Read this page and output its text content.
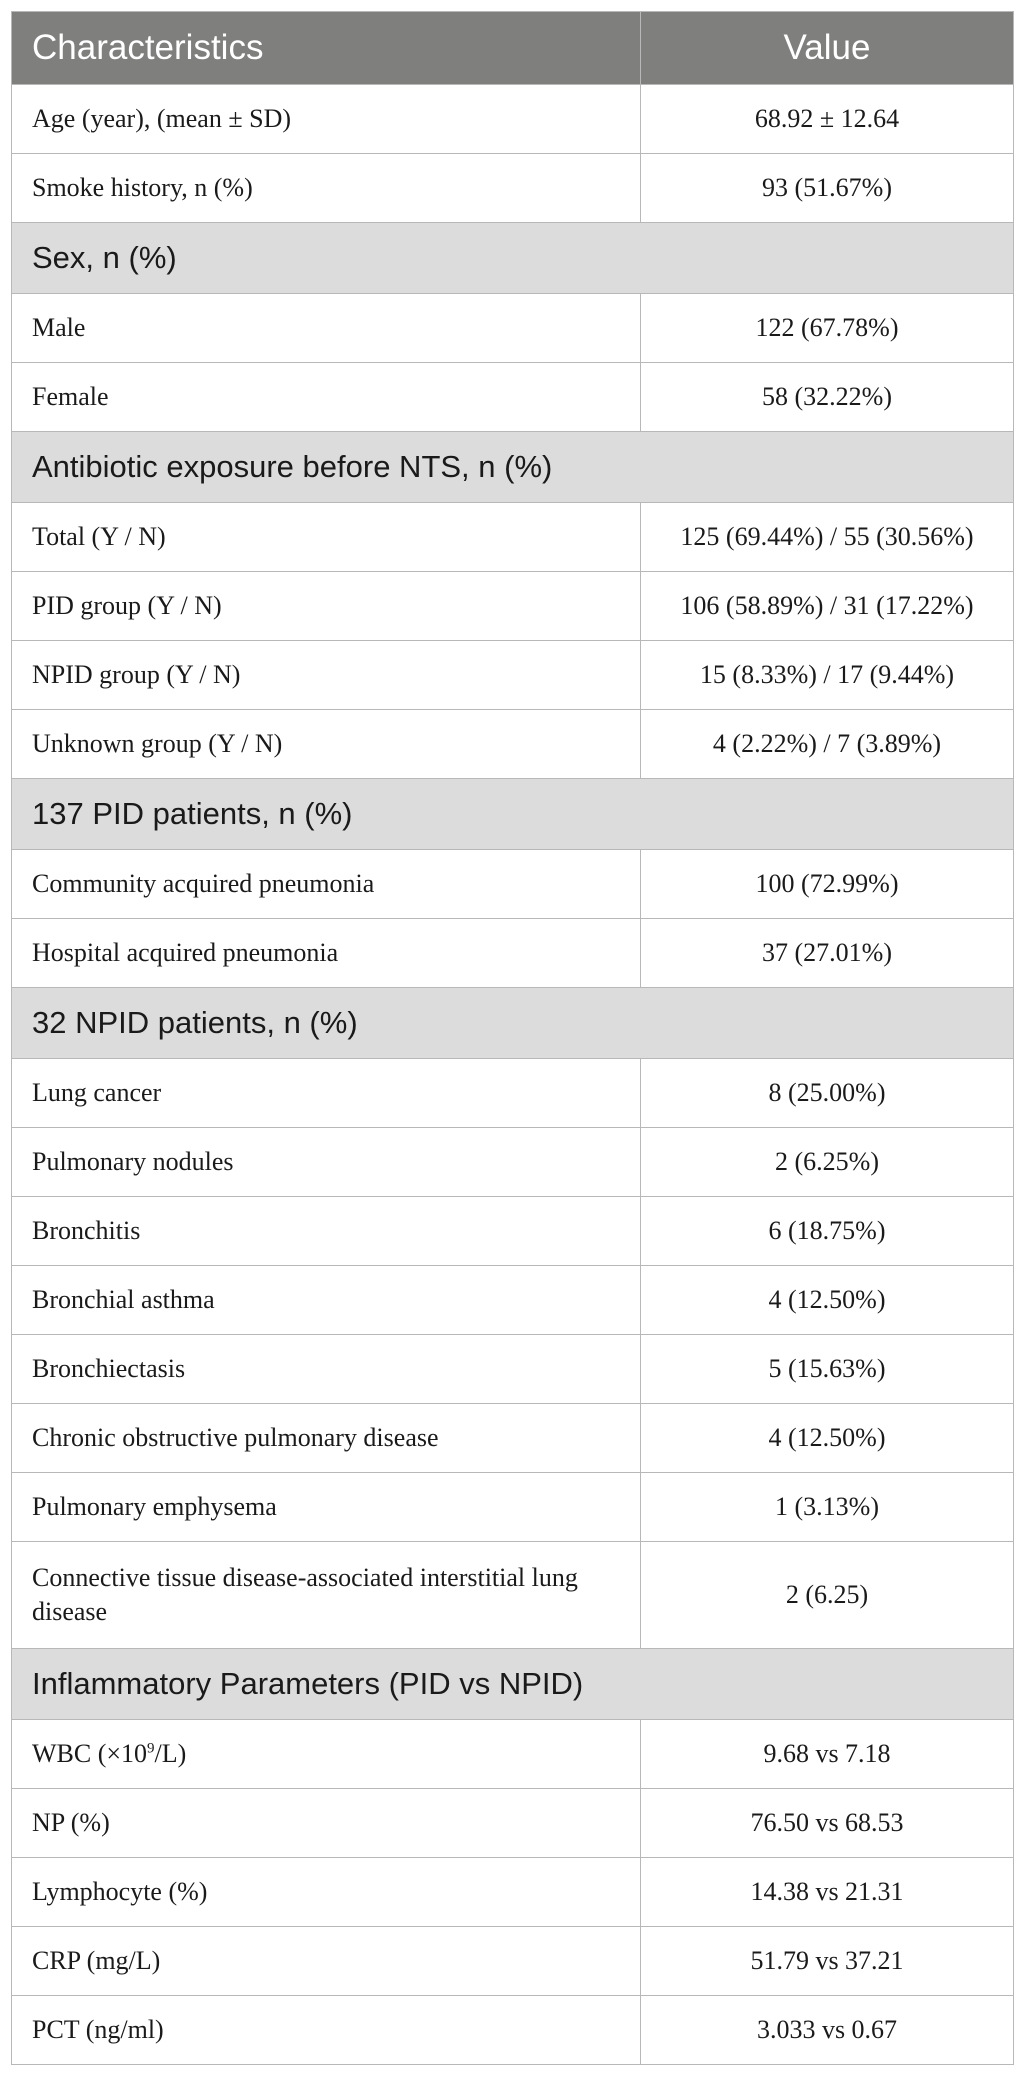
Characteristics	Value
Age (year), (mean ± SD)	68.92 ± 12.64
Smoke history, n (%)	93 (51.67%)
Sex, n (%)	
Male	122 (67.78%)
Female	58 (32.22%)
Antibiotic exposure before NTS, n (%)	
Total (Y / N)	125 (69.44%) / 55 (30.56%)
PID group (Y / N)	106 (58.89%) / 31 (17.22%)
NPID group (Y / N)	15 (8.33%) / 17 (9.44%)
Unknown group (Y / N)	4 (2.22%) / 7 (3.89%)
137 PID patients, n (%)	
Community acquired pneumonia	100 (72.99%)
Hospital acquired pneumonia	37 (27.01%)
32 NPID patients, n (%)	
Lung cancer	8 (25.00%)
Pulmonary nodules	2 (6.25%)
Bronchitis	6 (18.75%)
Bronchial asthma	4 (12.50%)
Bronchiectasis	5 (15.63%)
Chronic obstructive pulmonary disease	4 (12.50%)
Pulmonary emphysema	1 (3.13%)
Connective tissue disease-associated interstitial lung disease	2 (6.25)
Inflammatory Parameters (PID vs NPID)	
WBC $(\times 10^9/L)$	9.68 vs 7.18
NP (%)	76.50 vs 68.53
Lymphocyte (%)	14.38 vs 21.31
CRP (mg/L)	51.79 vs 37.21
PCT (ng/ml)	3.033 vs 0.67
